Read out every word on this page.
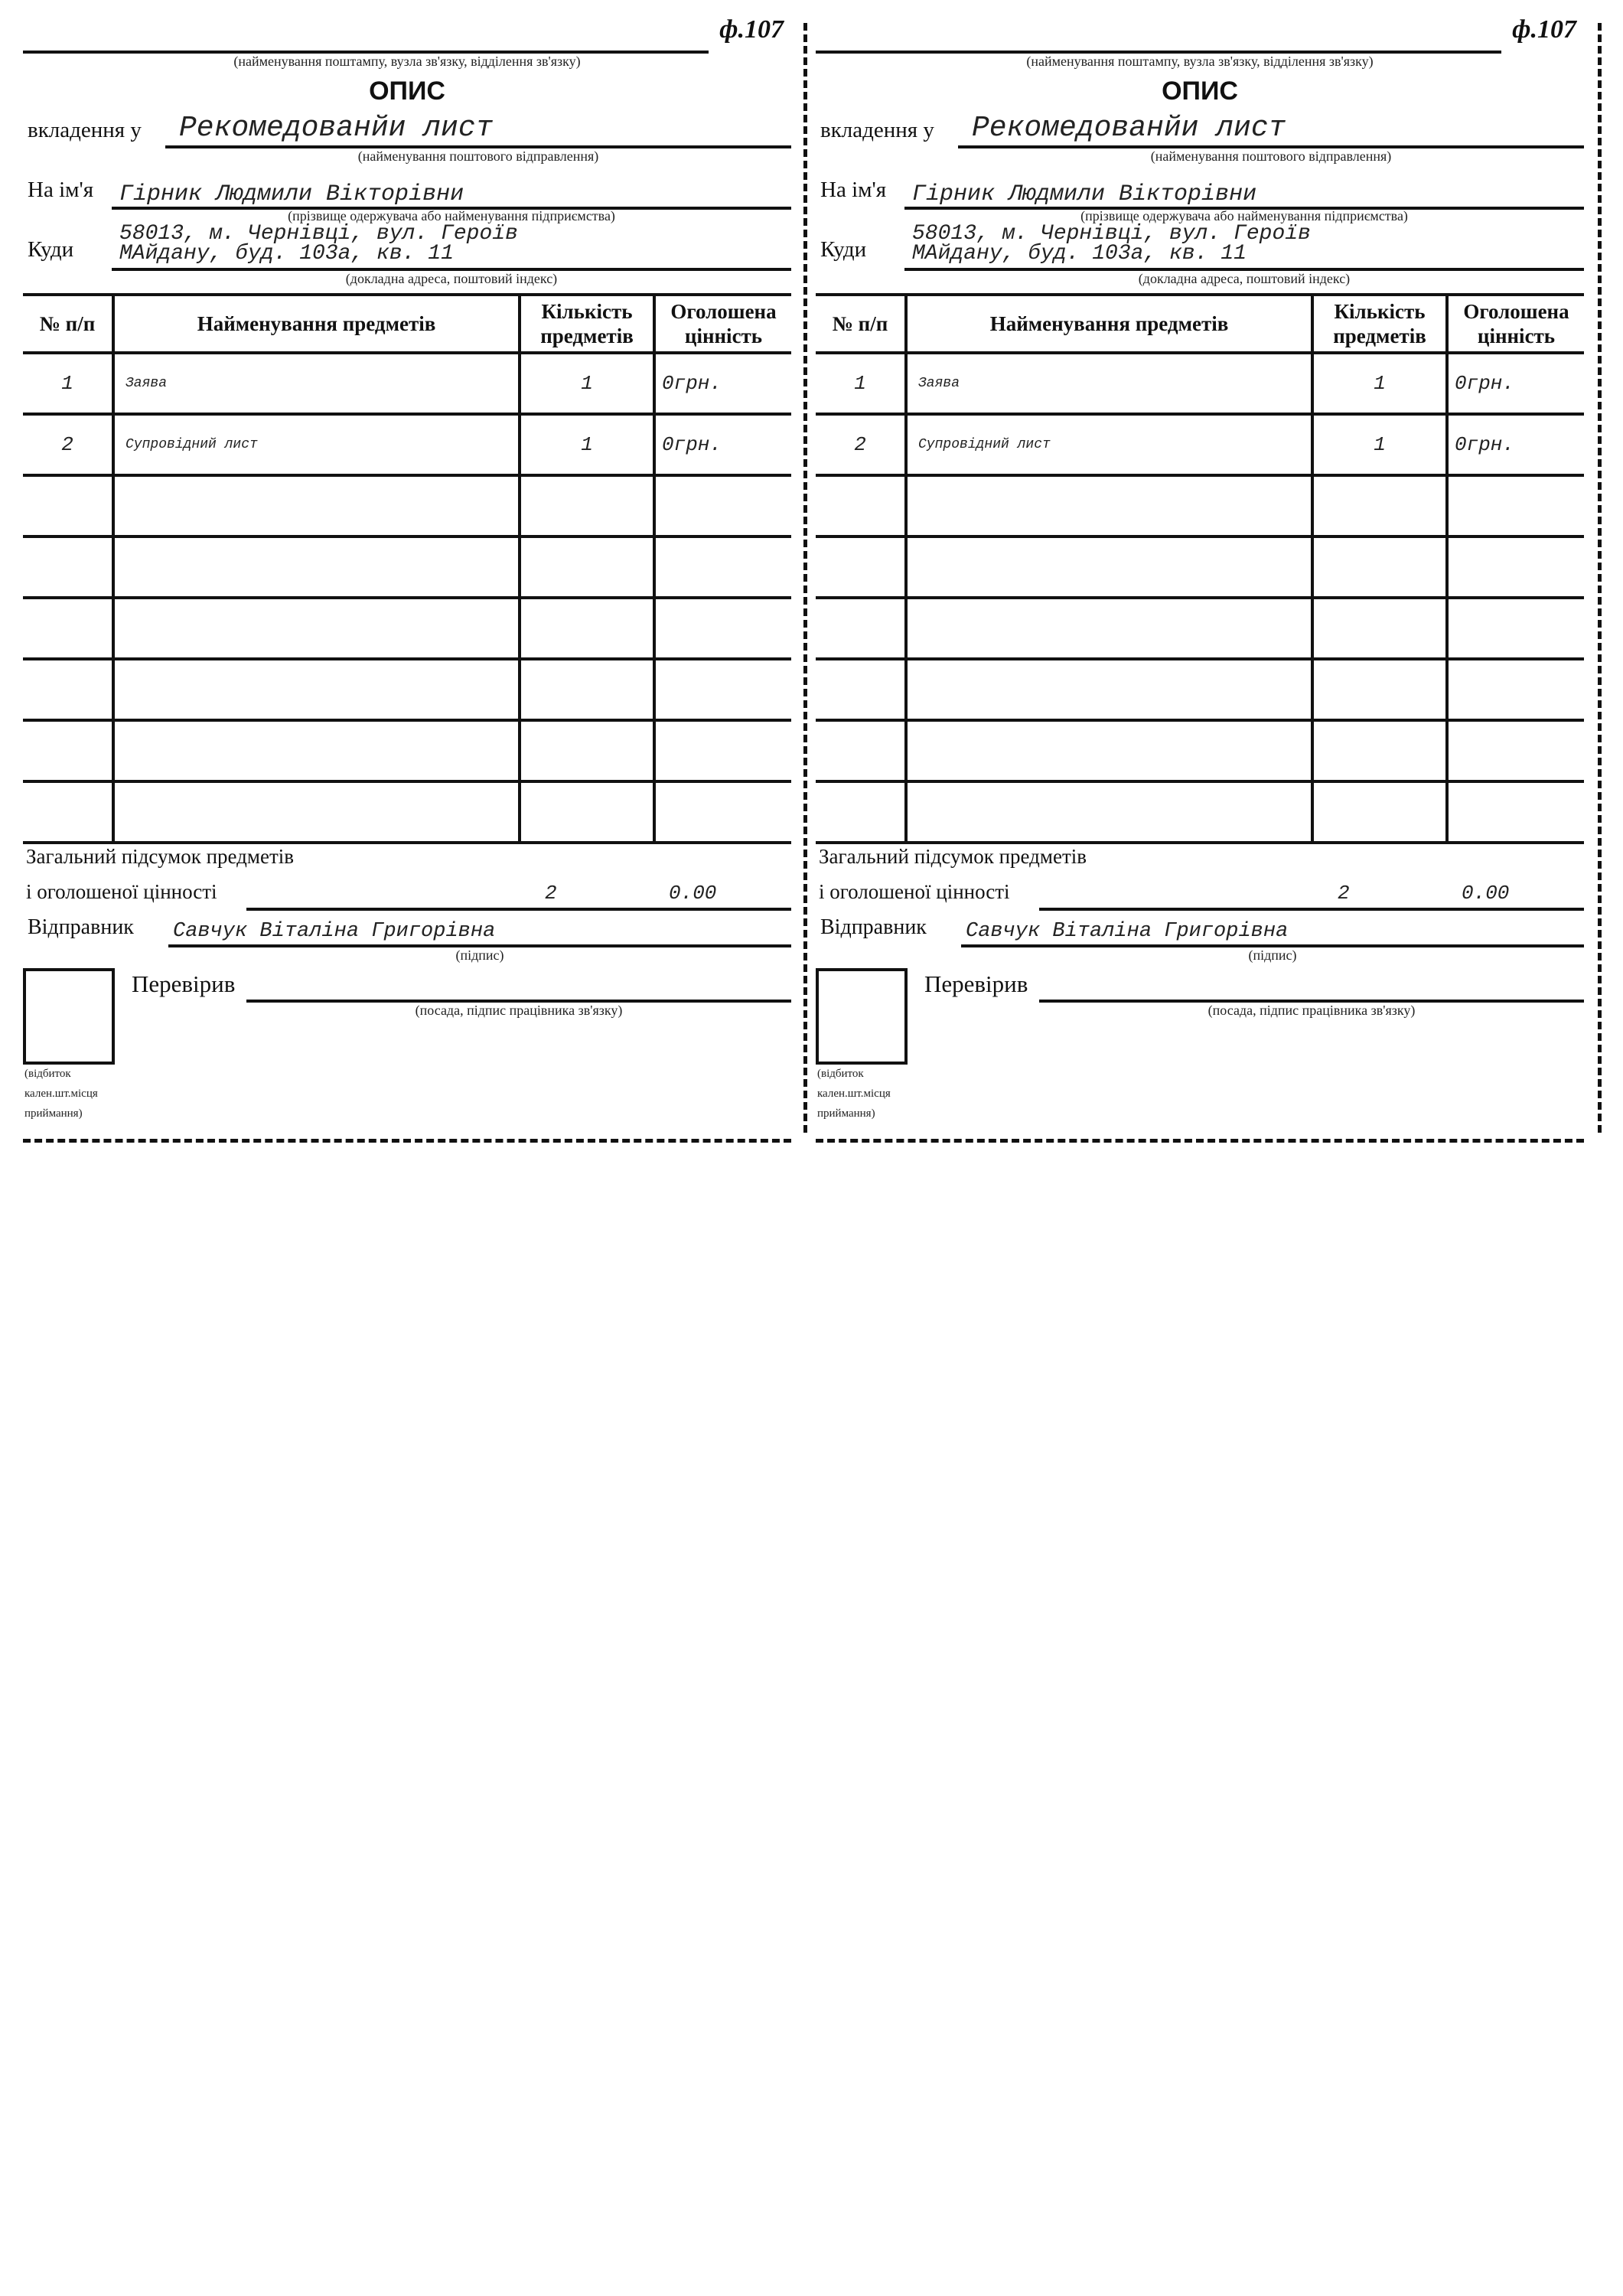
ф.107
(найменування поштампу, вузла зв'язку, відділення зв'язку)
ОПИС
вкладення у Рекомедованйи лист
(найменування поштового відправлення)
На ім'я Гірник Людмили Вікторівни
(прізвище одержувача або найменування підприємства)
Куди
58013, м. Чернівці, вул. Героїв
МАйдану, буд. 103а, кв. 11
(докладна адреса, поштовий індекс)
№ п/п	Найменування предметів	Кількість предметів	Оголошена цінність
1	Заява	1	0грн.
2	Супровідний лист	1	0грн.

Загальний підсумок предметів
і оголошеної цінності	2	0.00
Відправник Савчук Віталіна Григорівна
(підпис)
Перевірив
(посада, підпис працівника зв'язку)
(відбиток кален.шт.місця приймання)
ф.107
(найменування поштампу, вузла зв'язку, відділення зв'язку)
ОПИС
вкладення у Рекомедованйи лист
(найменування поштового відправлення)
На ім'я Гірник Людмили Вікторівни
(прізвище одержувача або найменування підприємства)
Куди
58013, м. Чернівці, вул. Героїв
МАйдану, буд. 103а, кв. 11
(докладна адреса, поштовий індекс)
№ п/п	Найменування предметів	Кількість предметів	Оголошена цінність
1	Заява	1	0грн.
2	Супровідний лист	1	0грн.

Загальний підсумок предметів
і оголошеної цінності	2	0.00
Відправник Савчук Віталіна Григорівна
(підпис)
Перевірив
(посада, підпис працівника зв'язку)
(відбиток кален.шт.місця приймання)
